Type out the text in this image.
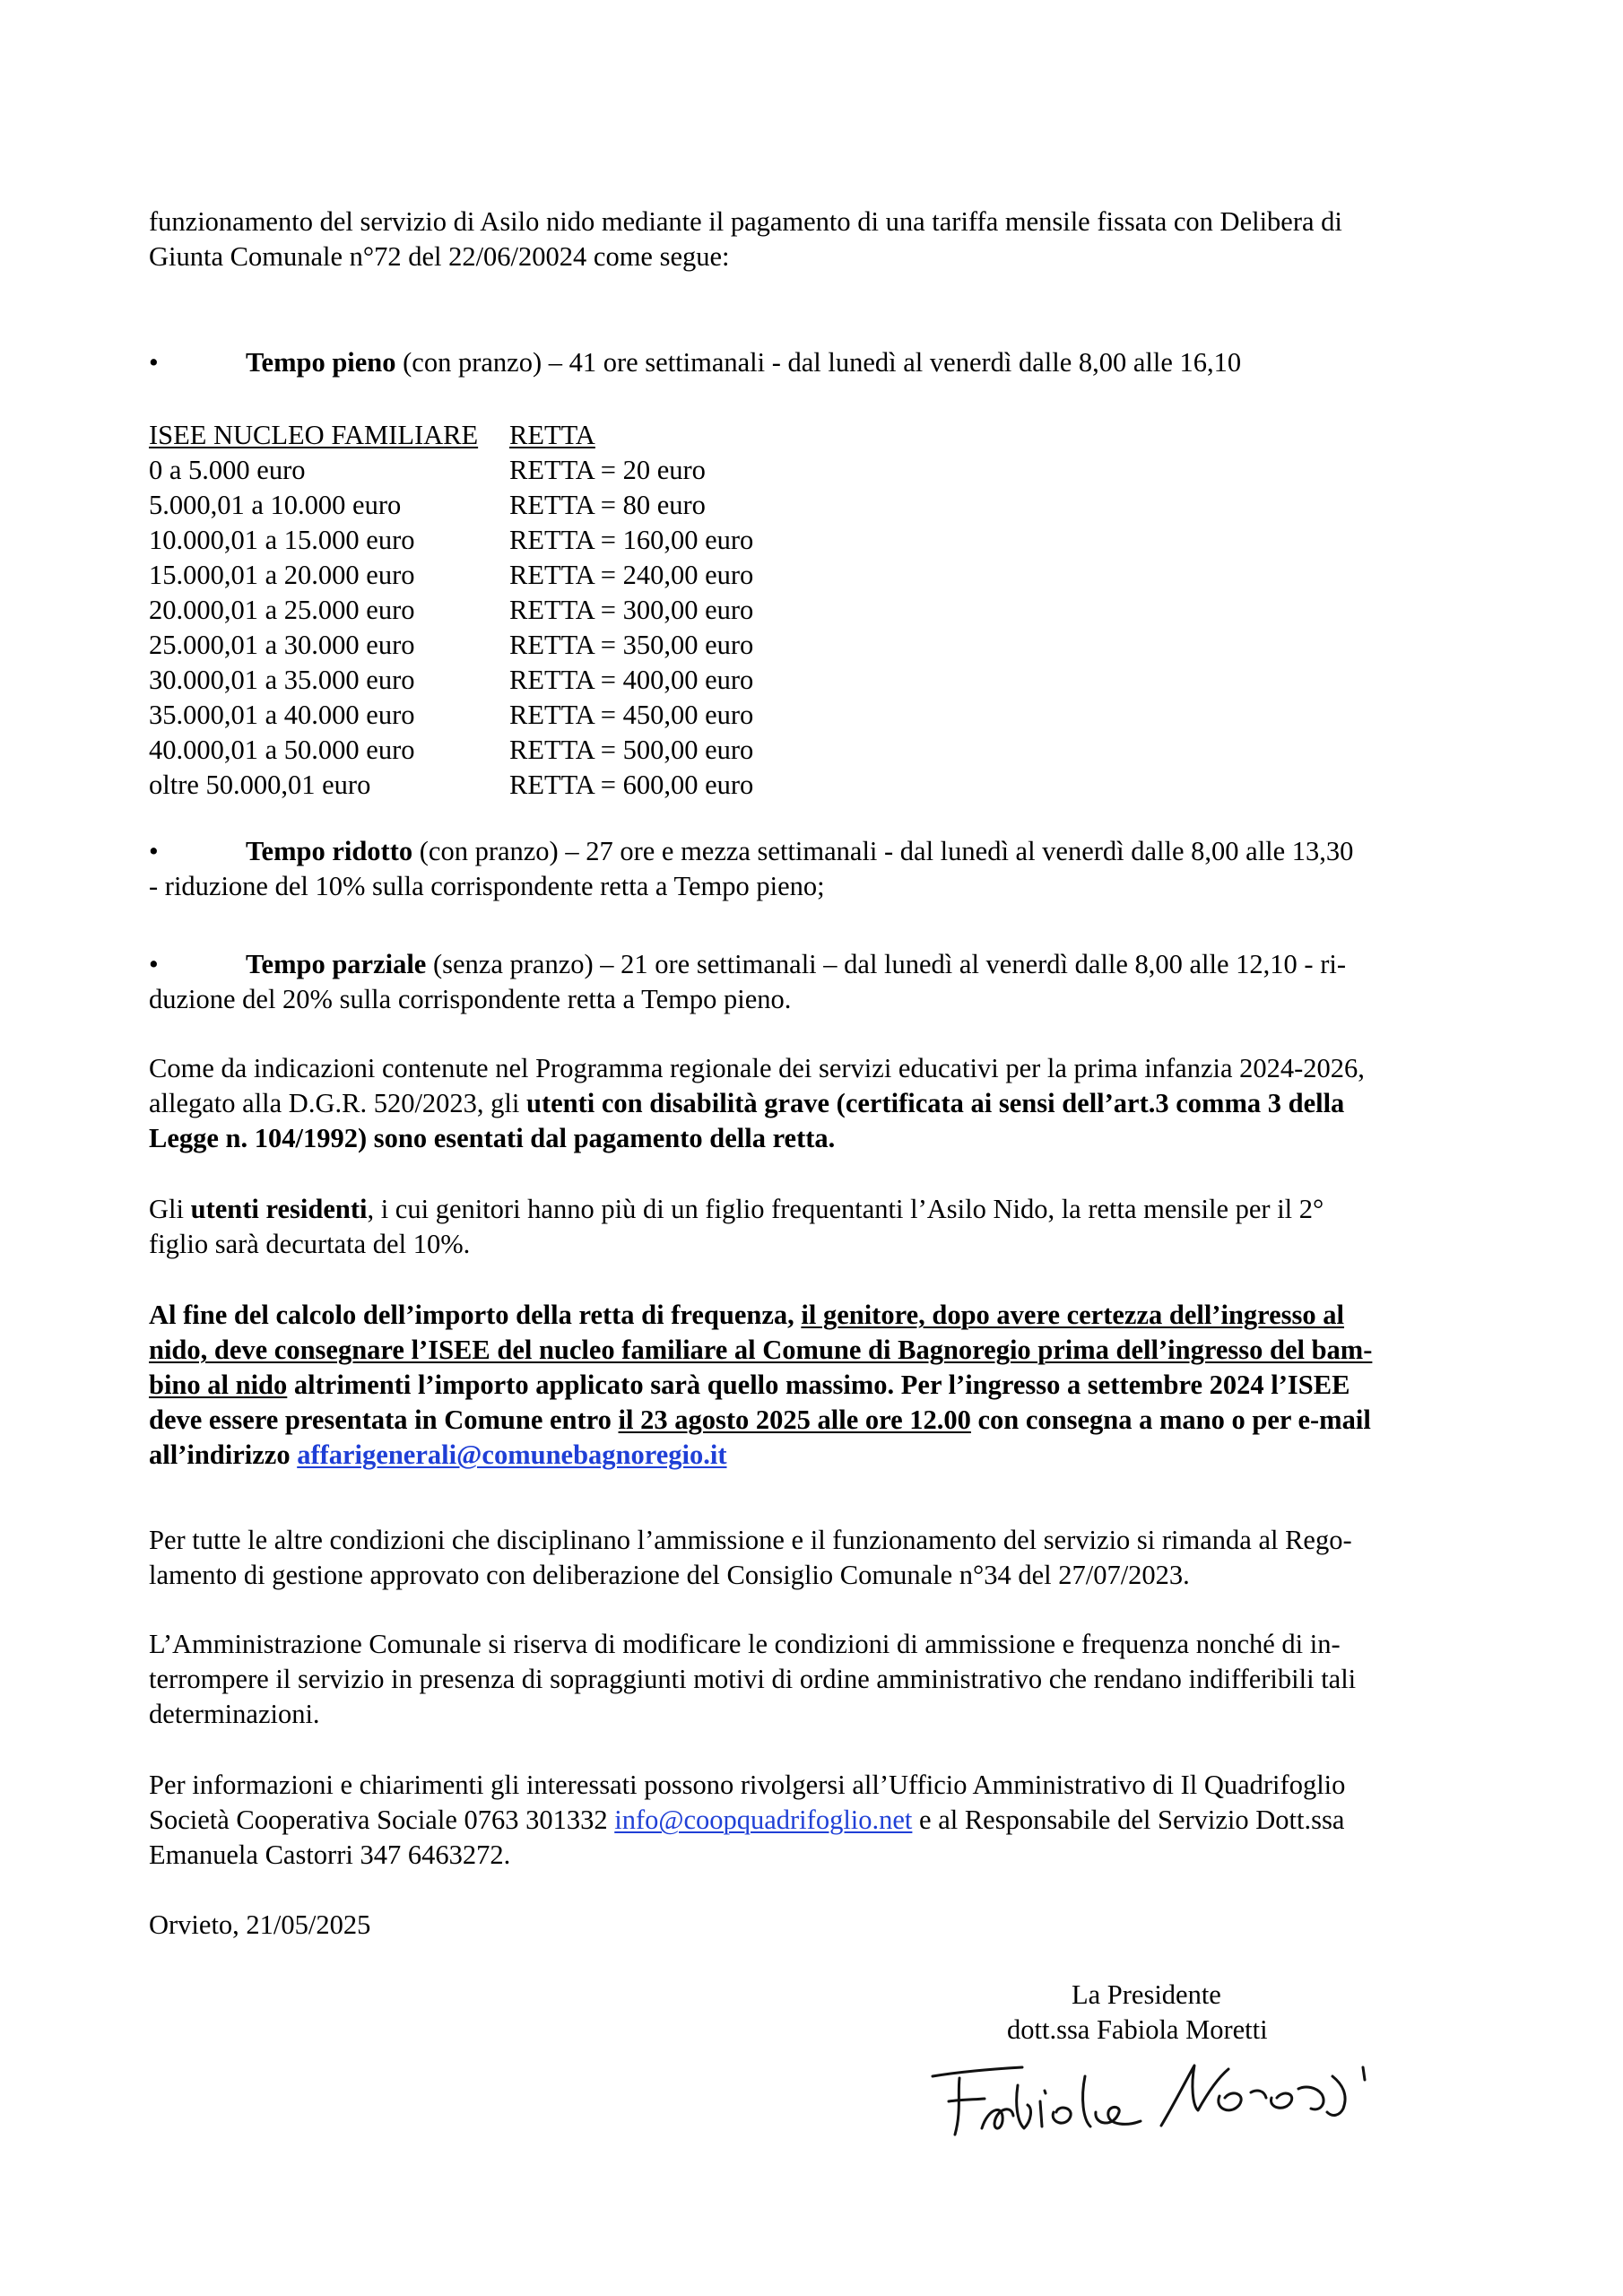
funzionamento del servizio di Asilo nido mediante il pagamento di una tariffa mensile fissata con Delibera di
Giunta Comunale n°72 del 22/06/20024 come segue:
•	Tempo pieno (con pranzo) – 41 ore settimanali - dal lunedì al venerdì dalle 8,00 alle 16,10
ISEE NUCLEO FAMILIARE	RETTA
0 a 5.000 euro	RETTA = 20 euro
5.000,01 a 10.000 euro	RETTA = 80 euro
10.000,01 a 15.000 euro	RETTA = 160,00 euro
15.000,01 a 20.000 euro	RETTA = 240,00 euro
20.000,01 a 25.000 euro	RETTA = 300,00 euro
25.000,01 a 30.000 euro	RETTA = 350,00 euro
30.000,01 a 35.000 euro	RETTA = 400,00 euro
35.000,01 a 40.000 euro	RETTA = 450,00 euro
40.000,01 a 50.000 euro	RETTA = 500,00 euro
oltre 50.000,01 euro	RETTA = 600,00 euro
•	Tempo ridotto (con pranzo) – 27 ore e mezza settimanali - dal lunedì al venerdì dalle 8,00 alle 13,30
- riduzione del 10% sulla corrispondente retta a Tempo pieno;
•	Tempo parziale (senza pranzo) – 21 ore settimanali – dal lunedì al venerdì dalle 8,00 alle 12,10 - ri-
duzione del 20% sulla corrispondente retta a Tempo pieno.
Come da indicazioni contenute nel Programma regionale dei servizi educativi per la prima infanzia 2024-2026,
allegato alla D.G.R. 520/2023, gli utenti con disabilità grave (certificata ai sensi dell’art.3 comma 3 della
Legge n. 104/1992) sono esentati dal pagamento della retta.
Gli utenti residenti, i cui genitori hanno più di un figlio frequentanti l’Asilo Nido, la retta mensile per il 2°
figlio sarà decurtata del 10%.
Al fine del calcolo dell’importo della retta di frequenza, il genitore, dopo avere certezza dell’ingresso al
nido, deve consegnare l’ISEE del nucleo familiare al Comune di Bagnoregio prima dell’ingresso del bam-
bino al nido altrimenti l’importo applicato sarà quello massimo. Per l’ingresso a settembre 2024 l’ISEE
deve essere presentata in Comune entro il 23 agosto 2025 alle ore 12.00 con consegna a mano o per e-mail
all’indirizzo affarigenerali@comunebagnoregio.it
Per tutte le altre condizioni che disciplinano l’ammissione e il funzionamento del servizio si rimanda al Rego-
lamento di gestione approvato con deliberazione del Consiglio Comunale n°34 del 27/07/2023.
L’Amministrazione Comunale si riserva di modificare le condizioni di ammissione e frequenza nonché di in-
terrompere il servizio in presenza di sopraggiunti motivi di ordine amministrativo che rendano indifferibili tali
determinazioni.
Per informazioni e chiarimenti gli interessati possono rivolgersi all’Ufficio Amministrativo di Il Quadrifoglio
Società Cooperativa Sociale 0763 301332 info@coopquadrifoglio.net e al Responsabile del Servizio Dott.ssa
Emanuela Castorri 347 6463272.
Orvieto, 21/05/2025
La Presidente
dott.ssa Fabiola Moretti
